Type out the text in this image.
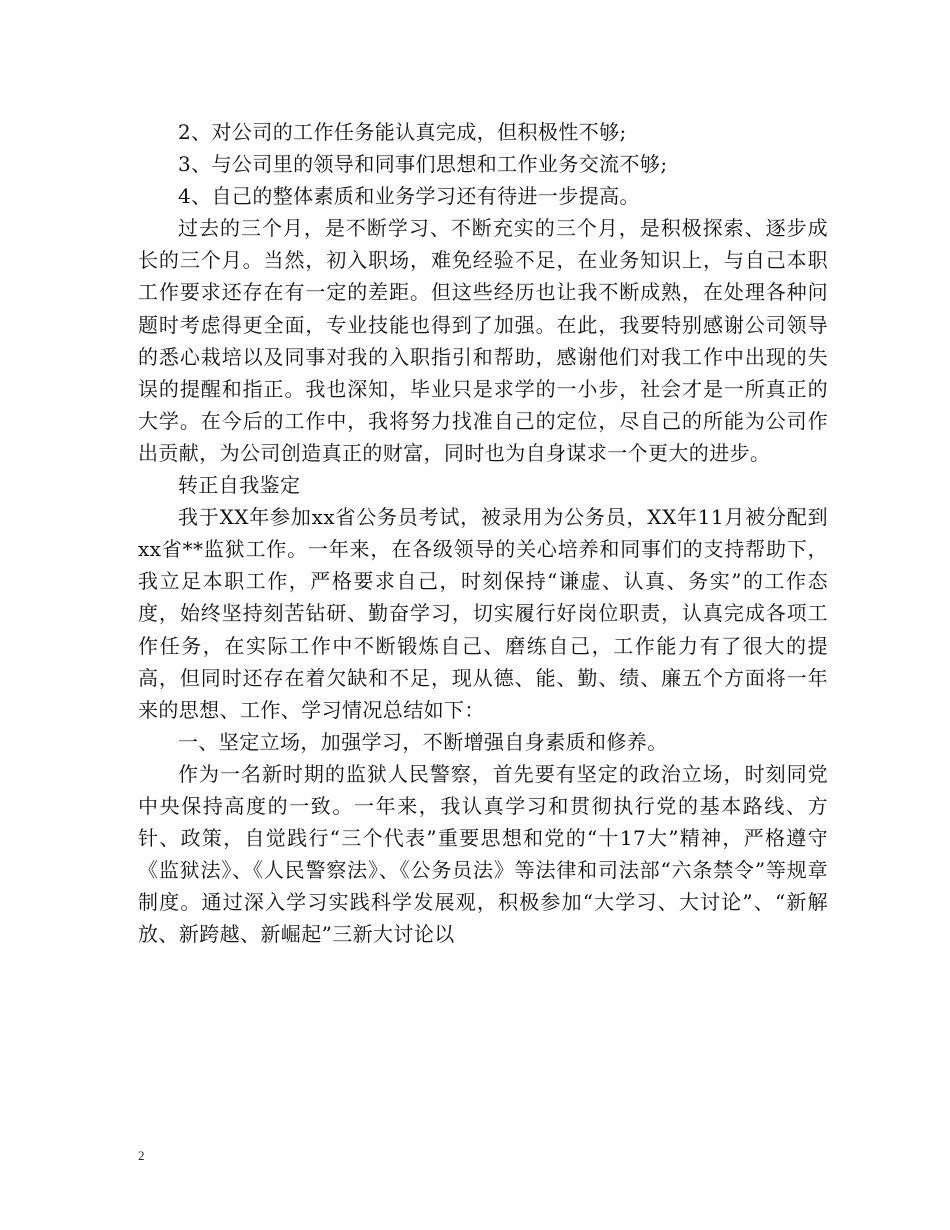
2、对公司的工作任务能认真完成，但积极性不够;

3、与公司里的领导和同事们思想和工作业务交流不够;

4、自己的整体素质和业务学习还有待进一步提高。

过去的三个月，是不断学习、不断充实的三个月，是积极探索、逐步成长的三个月。当然，初入职场，难免经验不足，在业务知识上，与自己本职工作要求还存在有一定的差距。但这些经历也让我不断成熟，在处理各种问题时考虑得更全面，专业技能也得到了加强。在此，我要特别感谢公司领导的悉心栽培以及同事对我的入职指引和帮助，感谢他们对我工作中出现的失误的提醒和指正。我也深知，毕业只是求学的一小步，社会才是一所真正的大学。在今后的工作中，我将努力找准自己的定位，尽自己的所能为公司作出贡献，为公司创造真正的财富，同时也为自身谋求一个更大的进步。

转正自我鉴定

我于XX年参加xx省公务员考试，被录用为公务员，XX年11月被分配到xx省**监狱工作。一年来，在各级领导的关心培养和同事们的支持帮助下，我立足本职工作，严格要求自己，时刻保持“谦虚、认真、务实”的工作态度，始终坚持刻苦钻研、勤奋学习，切实履行好岗位职责，认真完成各项工作任务，在实际工作中不断锻炼自己、磨练自己，工作能力有了很大的提高，但同时还存在着欠缺和不足，现从德、能、勤、绩、廉五个方面将一年来的思想、工作、学习情况总结如下：

一、坚定立场，加强学习，不断增强自身素质和修养。

作为一名新时期的监狱人民警察，首先要有坚定的政治立场，时刻同党中央保持高度的一致。一年来，我认真学习和贯彻执行党的基本路线、方针、政策，自觉践行“三个代表”重要思想和党的“十17大”精神，严格遵守《监狱法》、《人民警察法》、《公务员法》等法律和司法部“六条禁令”等规章制度。通过深入学习实践科学发展观，积极参加“大学习、大讨论”、“新解放、新跨越、新崛起”三新大讨论以

2
